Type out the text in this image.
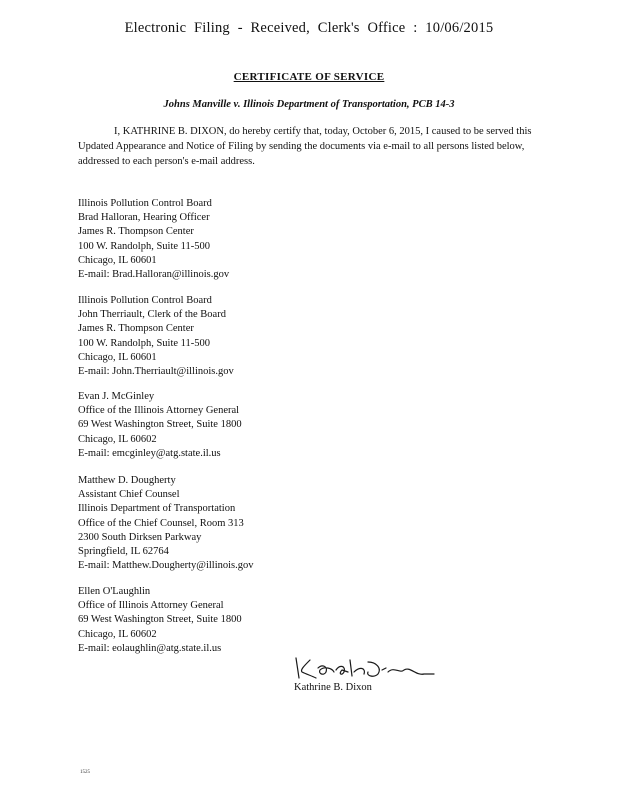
Electronic Filing - Received, Clerk's Office : 10/06/2015
CERTIFICATE OF SERVICE
Johns Manville v. Illinois Department of Transportation, PCB 14-3
I, KATHRINE B. DIXON, do hereby certify that, today, October 6, 2015, I caused to be served this Updated Appearance and Notice of Filing by sending the documents via e-mail to all persons listed below, addressed to each person's e-mail address.
Illinois Pollution Control Board
Brad Halloran, Hearing Officer
James R. Thompson Center
100 W. Randolph, Suite 11-500
Chicago, IL 60601
E-mail: Brad.Halloran@illinois.gov
Illinois Pollution Control Board
John Therriault, Clerk of the Board
James R. Thompson Center
100 W. Randolph, Suite 11-500
Chicago, IL 60601
E-mail: John.Therriault@illinois.gov
Evan J. McGinley
Office of the Illinois Attorney General
69 West Washington Street, Suite 1800
Chicago, IL 60602
E-mail: emcginley@atg.state.il.us
Matthew D. Dougherty
Assistant Chief Counsel
Illinois Department of Transportation
Office of the Chief Counsel, Room 313
2300 South Dirksen Parkway
Springfield, IL 62764
E-mail: Matthew.Dougherty@illinois.gov
Ellen O'Laughlin
Office of Illinois Attorney General
69 West Washington Street, Suite 1800
Chicago, IL 60602
E-mail: eolaughlin@atg.state.il.us
Kathrine B. Dixon
1525
